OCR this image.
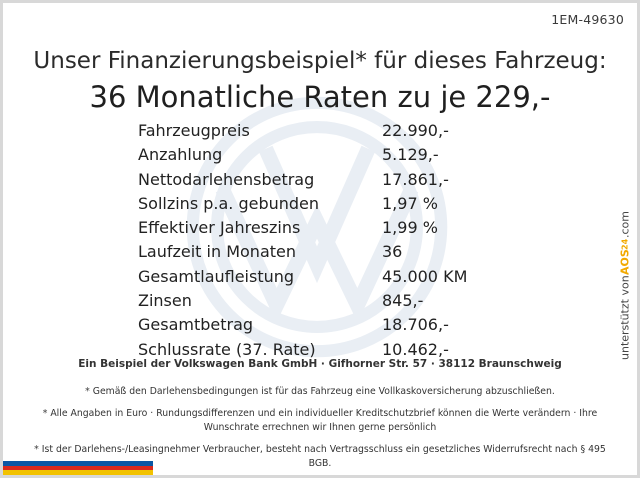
1EM-49630
Unser Finanzierungsbeispiel* für dieses Fahrzeug:
36 Monatliche Raten zu je 229,-
Fahrzeugpreis	22.990,-
Anzahlung	5.129,-
Nettodarlehensbetrag	17.861,-
Sollzins p.a. gebunden	1,97 %
Effektiver Jahreszins	1,99 %
Laufzeit in Monaten	36
Gesamtlaufleistung	45.000 KM
Zinsen	845,-
Gesamtbetrag	18.706,-
Schlussrate (37. Rate)	10.462,-
Ein Beispiel der Volkswagen Bank GmbH · Gifhorner Str. 57 · 38112 Braunschweig

* Gemäß den Darlehensbedingungen ist für das Fahrzeug eine Vollkaskoversicherung abzuschließen.

* Alle Angaben in Euro · Rundungsdifferenzen und ein individueller Kreditschutzbrief können die Werte verändern · Ihre Wunschrate errechnen wir Ihnen gerne persönlich

* Ist der Darlehens-/Leasingnehmer Verbraucher, besteht nach Vertragsschluss ein gesetzliches Widerrufsrecht nach § 495 BGB.

unterstützt von
AOS
24
.com
